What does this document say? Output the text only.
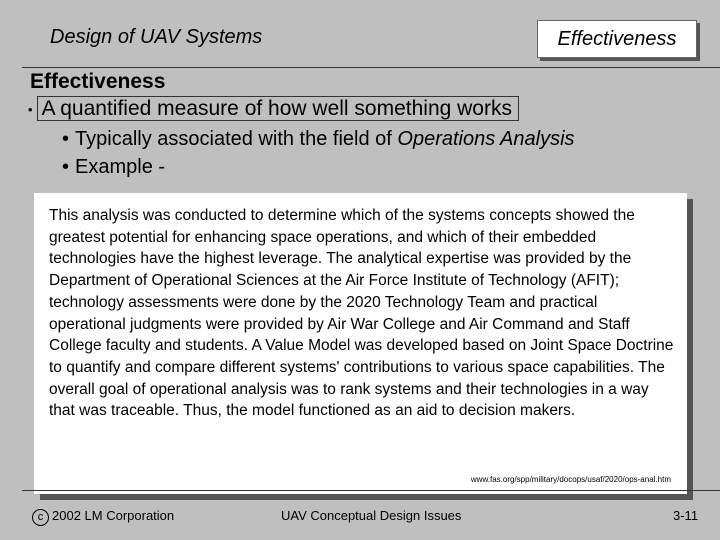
Design of UAV Systems	Effectiveness
Effectiveness
• A quantified measure of how well something works
• Typically associated with the field of Operations Analysis
• Example -

This analysis was conducted to determine which of the systems concepts showed the greatest potential for enhancing space operations, and which of their embedded technologies have the highest leverage. The analytical expertise was provided by the Department of Operational Sciences at the Air Force Institute of Technology (AFIT); technology assessments were done by the 2020 Technology Team and practical operational judgments were provided by Air War College and Air Command and Staff College faculty and students. A Value Model was developed based on Joint Space Doctrine to quantify and compare different systems' contributions to various space capabilities. The overall goal of operational analysis was to rank systems and their technologies in a way that was traceable. Thus, the model functioned as an aid to decision makers.

www.fas.org/spp/military/docops/usaf/2020/ops-anal.htm
c 2002 LM Corporation	UAV Conceptual Design Issues	3-11
